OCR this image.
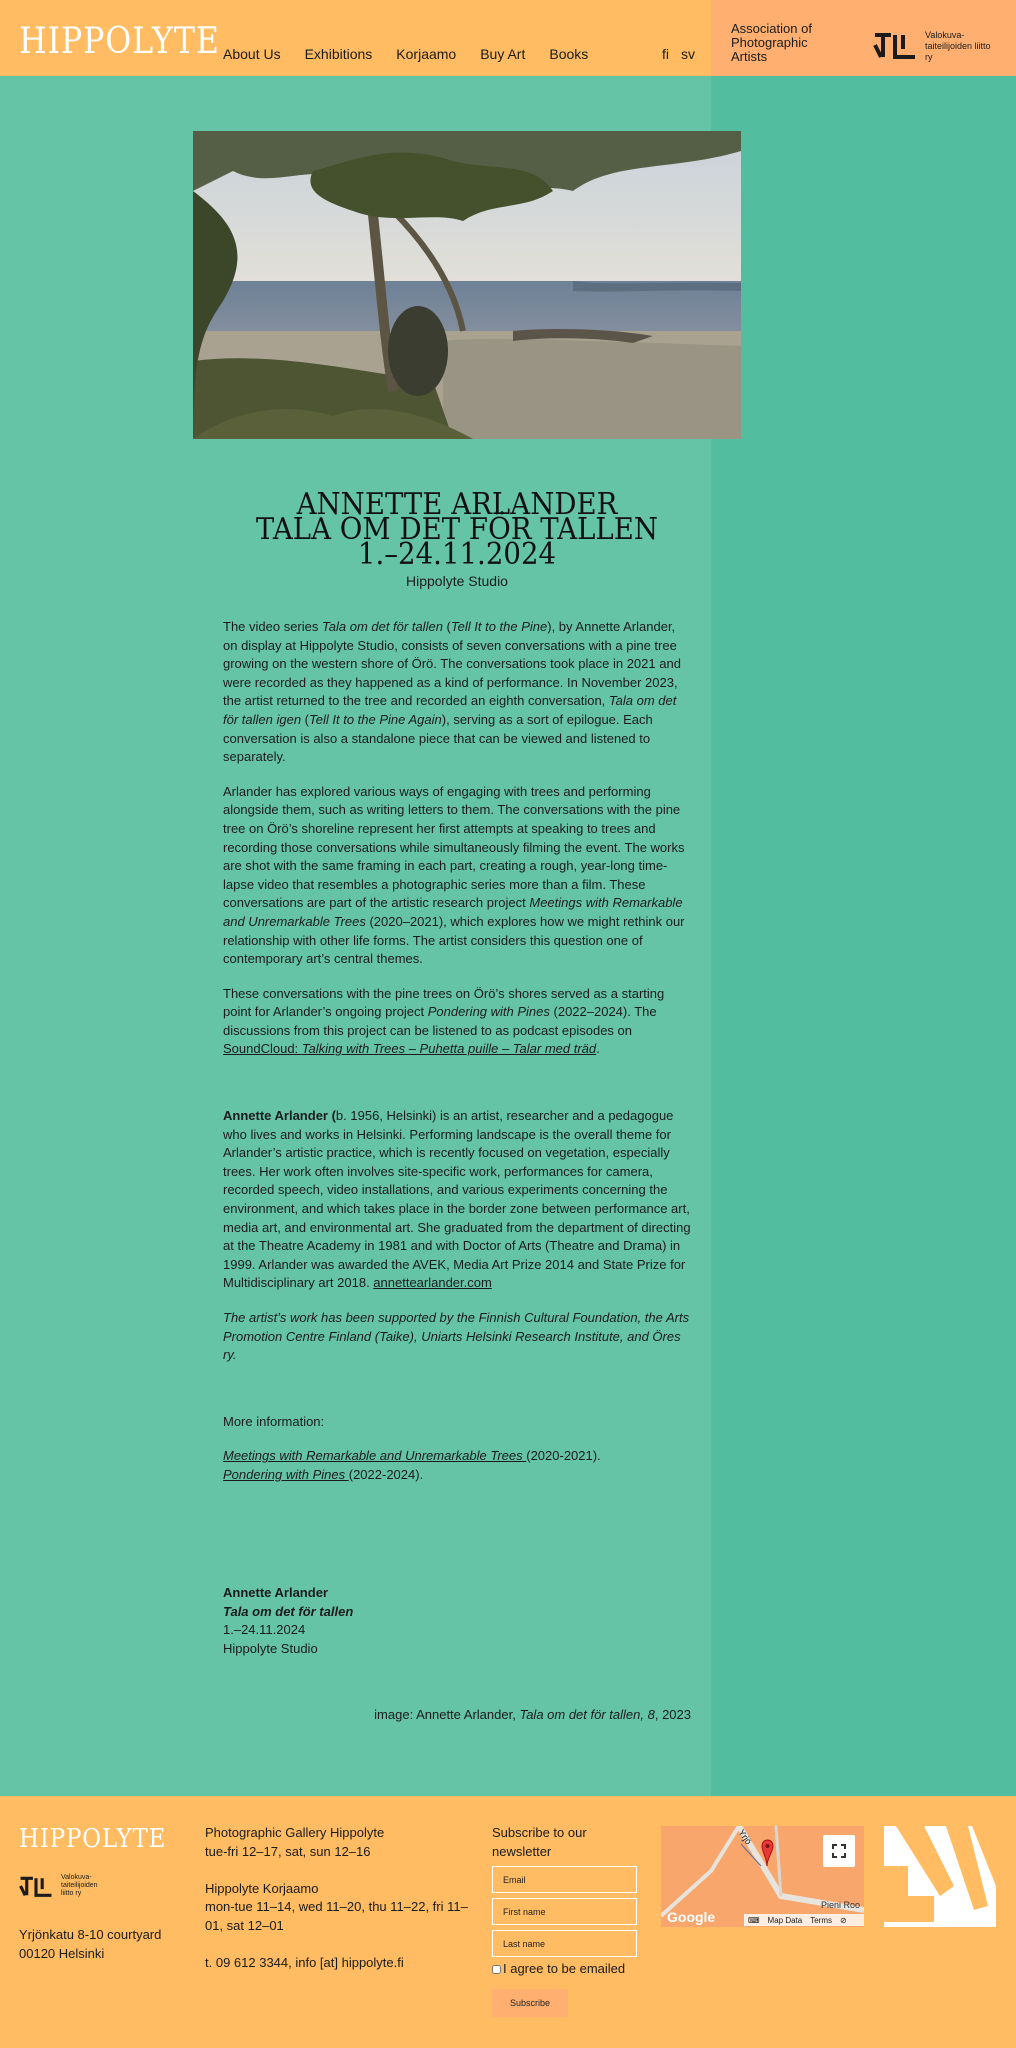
HIPPOLYTE About Us Exhibitions Korjaamo Buy Art Books	fi sv
Association of Photographic Artists
Valokuva-taiteilijoiden liitto ry
ANNETTE ARLANDER
TALA OM DET FÖR TALLEN
1.–24.11.2024
Hippolyte Studio

The video series Tala om det för tallen (Tell It to the Pine), by Annette Arlander, on display at Hippolyte Studio, consists of seven conversations with a pine tree growing on the western shore of Örö. The conversations took place in 2021 and were recorded as they happened as a kind of performance. In November 2023, the artist returned to the tree and recorded an eighth conversation, Tala om det för tallen igen (Tell It to the Pine Again), serving as a sort of epilogue. Each conversation is also a standalone piece that can be viewed and listened to separately.

Arlander has explored various ways of engaging with trees and performing alongside them, such as writing letters to them. The conversations with the pine tree on Örö’s shoreline represent her first attempts at speaking to trees and recording those conversations while simultaneously filming the event. The works are shot with the same framing in each part, creating a rough, year-long time-lapse video that resembles a photographic series more than a film. These conversations are part of the artistic research project Meetings with Remarkable and Unremarkable Trees (2020–2021), which explores how we might rethink our relationship with other life forms. The artist considers this question one of contemporary art’s central themes.

These conversations with the pine trees on Örö’s shores served as a starting point for Arlander’s ongoing project Pondering with Pines (2022–2024). The discussions from this project can be listened to as podcast episodes on SoundCloud: Talking with Trees – Puhetta puille – Talar med träd.

Annette Arlander (b. 1956, Helsinki) is an artist, researcher and a pedagogue who lives and works in Helsinki. Performing landscape is the overall theme for Arlander’s artistic practice, which is recently focused on vegetation, especially trees. Her work often involves site-specific work, performances for camera, recorded speech, video installations, and various experiments concerning the environment, and which takes place in the border zone between performance art, media art, and environmental art. She graduated from the department of directing at the Theatre Academy in 1981 and with Doctor of Arts (Theatre and Drama) in 1999. Arlander was awarded the AVEK, Media Art Prize 2014 and State Prize for Multidisciplinary art 2018. annettearlander.com

The artist’s work has been supported by the Finnish Cultural Foundation, the Arts Promotion Centre Finland (Taike), Uniarts Helsinki Research Institute, and Öres ry.

More information:

Meetings with Remarkable and Unremarkable Trees (2020-2021).
Pondering with Pines (2022-2024).

Annette Arlander
Tala om det för tallen
1.–24.11.2024
Hippolyte Studio
image: Annette Arlander, Tala om det för tallen, 8, 2023
HIPPOLYTE
Valokuva-taiteilijoiden liitto ry
Yrjönkatu 8-10 courtyard
00120 Helsinki
Photographic Gallery Hippolyte
tue-fri 12–17, sat, sun 12–16
Hippolyte Korjaamo
mon-tue 11–14, wed 11–20, thu 11–22, fri 11–01, sat 12–01
t. 09 612 3344, info [at] hippolyte.fi
Subscribe to our newsletter
Email
First name
Last name
I agree to be emailed
Subscribe
Yrjö
Pieni Roo
Google	⌨ Map Data Terms ⊘
